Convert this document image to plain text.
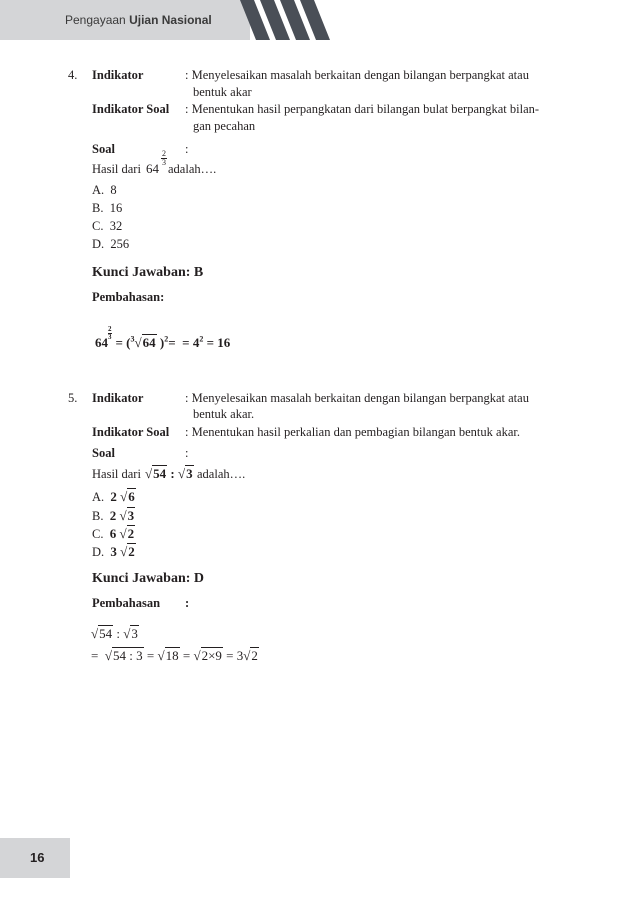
Pengayaan Ujian Nasional
4. Indikator	: Menyelesaikan masalah berkaitan dengan bilangan berpangkat atau
bentuk akar
Indikator Soal : Menentukan hasil perpangkatan dari bilangan bulat berpangkat bilan-
gan pecahan
Soal	:
Hasil dari 64
2
3 adalah….
A. 8
B. 16
C. 32
D. 256
Kunci Jawaban: B
Pembahasan:
64
$\frac{2}{3}$
= ($^3$√64 )$^2= = 4^2 = 16$
5. Indikator	: Menyelesaikan masalah berkaitan dengan bilangan berpangkat atau
bentuk akar.
Indikator Soal : Menentukan hasil perkalian dan pembagian bilangan bentuk akar.
Soal	:
Hasil dari √54 : √3 adalah….
A. 2 √6
B. 2 √3
C. 6 √2
D. 3 √2
Kunci Jawaban: D
Pembahasan :
√54 : √3
=  √54 : 3 = √18 = √2×9 = 3√2
16
